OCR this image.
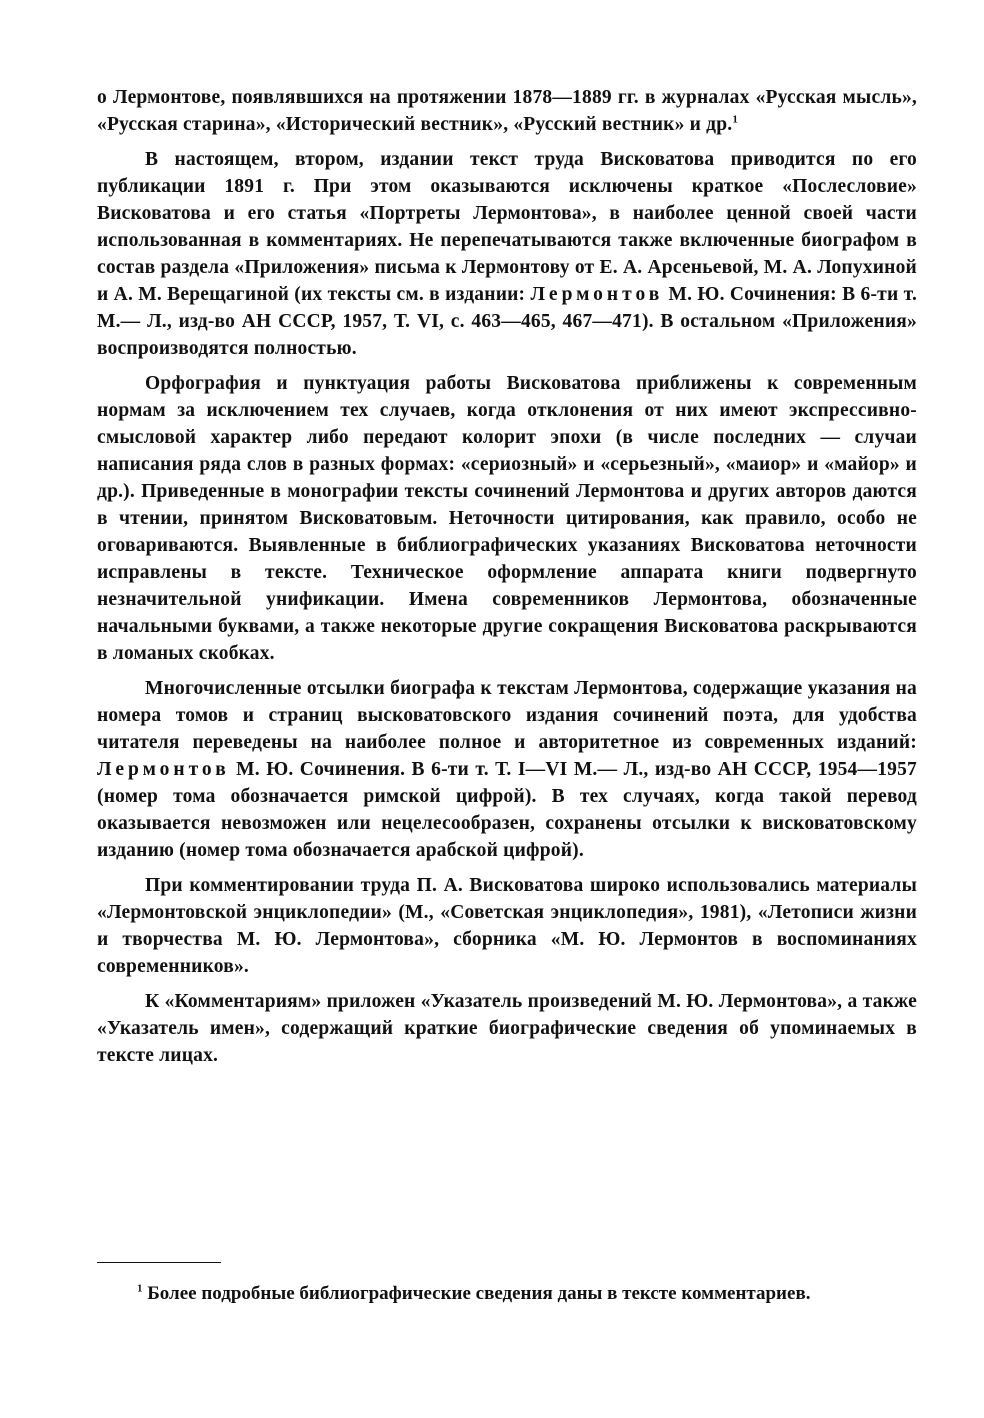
о Лермонтове, появлявшихся на протяжении 1878—1889 гг. в журналах «Русская мысль», «Русская старина», «Исторический вестник», «Русский вестник» и др.$^1$

В настоящем, втором, издании текст труда Висковатова приводится по его публикации 1891 г. При этом оказываются исключены краткое «Послесловие» Висковатова и его статья «Портреты Лермонтова», в наиболее ценной своей части использованная в комментариях. Не перепечатываются также включенные биографом в состав раздела «Приложения» письма к Лермонтову от Е. А. Арсеньевой, М. А. Лопухиной и А. М. Верещагиной (их тексты см. в издании: Лермонтов М. Ю. Сочинения: В 6-ти т. М.— Л., изд-во АН СССР, 1957, Т. VI, с. 463—465, 467—471). В остальном «Приложения» воспроизводятся полностью.

Орфография и пунктуация работы Висковатова приближены к современным нормам за исключением тех случаев, когда отклонения от них имеют экспрессивно-смысловой характер либо передают колорит эпохи (в числе последних — случаи написания ряда слов в разных формах: «сериозный» и «серьезный», «маиор» и «майор» и др.). Приведенные в монографии тексты сочинений Лермонтова и других авторов даются в чтении, принятом Висковатовым. Неточности цитирования, как правило, особо не оговариваются. Выявленные в библиографических указаниях Висковатова неточности исправлены в тексте. Техническое оформление аппарата книги подвергнуто незначительной унификации. Имена современников Лермонтова, обозначенные начальными буквами, а также некоторые другие сокращения Висковатова раскрываются в ломаных скобках.

Многочисленные отсылки биографа к текстам Лермонтова, содержащие указания на номера томов и страниц высковатовского издания сочинений поэта, для удобства читателя переведены на наиболее полное и авторитетное из современных изданий: Лермонтов М. Ю. Сочинения. В 6-ти т. Т. I—VI М.— Л., изд-во АН СССР, 1954—1957 (номер тома обозначается римской цифрой). В тех случаях, когда такой перевод оказывается невозможен или нецелесообразен, сохранены отсылки к висковатовскому изданию (номер тома обозначается арабской цифрой).

При комментировании труда П. А. Висковатова широко использовались материалы «Лермонтовской энциклопедии» (М., «Советская энциклопедия», 1981), «Летописи жизни и творчества М. Ю. Лермонтова», сборника «М. Ю. Лермонтов в воспоминаниях современников».

К «Комментариям» приложен «Указатель произведений М. Ю. Лермонтова», а также «Указатель имен», содержащий краткие биографические сведения об упоминаемых в тексте лицах.

$^1$ Более подробные библиографические сведения даны в тексте комментариев.
